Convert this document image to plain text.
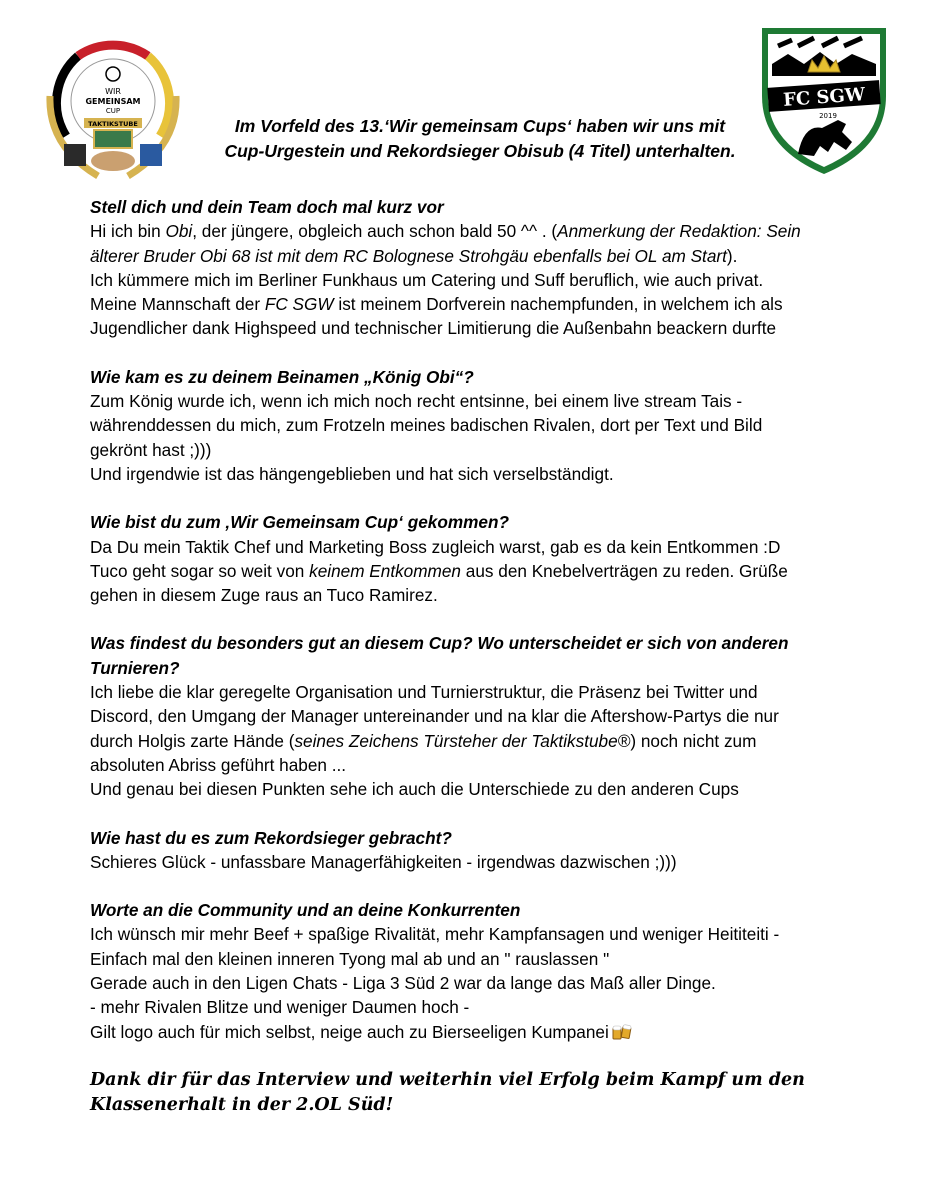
WIR
GEMEINSAM
CUP
TAKTIKSTUBE
FC SGW
2019
Im Vorfeld des 13.‘Wir gemeinsam Cups‘ haben wir uns mit
Cup-Urgestein und Rekordsieger Obisub (4 Titel) unterhalten.
Stell dich und dein Team doch mal kurz vor
Hi ich bin Obi, der jüngere, obgleich auch schon bald 50 ^^ . (Anmerkung der Redaktion: Sein
älterer Bruder Obi 68 ist mit dem RC Bolognese Strohgäu ebenfalls bei OL am Start).
Ich kümmere mich im Berliner Funkhaus um Catering und Suff beruflich, wie auch privat.
Meine Mannschaft der FC SGW ist meinem Dorfverein nachempfunden, in welchem ich als
Jugendlicher dank Highspeed und technischer Limitierung die Außenbahn beackern durfte
Wie kam es zu deinem Beinamen „König Obi“?
Zum König wurde ich, wenn ich mich noch recht entsinne, bei einem live stream Tais -
währenddessen du mich, zum Frotzeln meines badischen Rivalen, dort per Text und Bild
gekrönt hast ;)))
Und irgendwie ist das hängengeblieben und hat sich verselbständigt.
Wie bist du zum ‚Wir Gemeinsam Cup‘ gekommen?
Da Du mein Taktik Chef und Marketing Boss zugleich warst, gab es da kein Entkommen :D
Tuco geht sogar so weit von keinem Entkommen aus den Knebelverträgen zu reden. Grüße
gehen in diesem Zuge raus an Tuco Ramirez.
Was findest du besonders gut an diesem Cup? Wo unterscheidet er sich von anderen
Turnieren?
Ich liebe die klar geregelte Organisation und Turnierstruktur, die Präsenz bei Twitter und
Discord, den Umgang der Manager untereinander und na klar die Aftershow-Partys die nur
durch Holgis zarte Hände (seines Zeichens Türsteher der Taktikstube®) noch nicht zum
absoluten Abriss geführt haben ...
Und genau bei diesen Punkten sehe ich auch die Unterschiede zu den anderen Cups
Wie hast du es zum Rekordsieger gebracht?
Schieres Glück - unfassbare Managerfähigkeiten - irgendwas dazwischen ;)))
Worte an die Community und an deine Konkurrenten
Ich wünsch mir mehr Beef + spaßige Rivalität, mehr Kampfansagen und weniger Heititeiti -
Einfach mal den kleinen inneren Tyong mal ab und an " rauslassen "
Gerade auch in den Ligen Chats - Liga 3 Süd 2 war da lange das Maß aller Dinge.
- mehr Rivalen Blitze und weniger Daumen hoch -
Gilt logo auch für mich selbst, neige auch zu Bierseeligen Kumpanei
Dank dir für das Interview und weiterhin viel Erfolg beim Kampf um den
Klassenerhalt in der 2.OL Süd!
